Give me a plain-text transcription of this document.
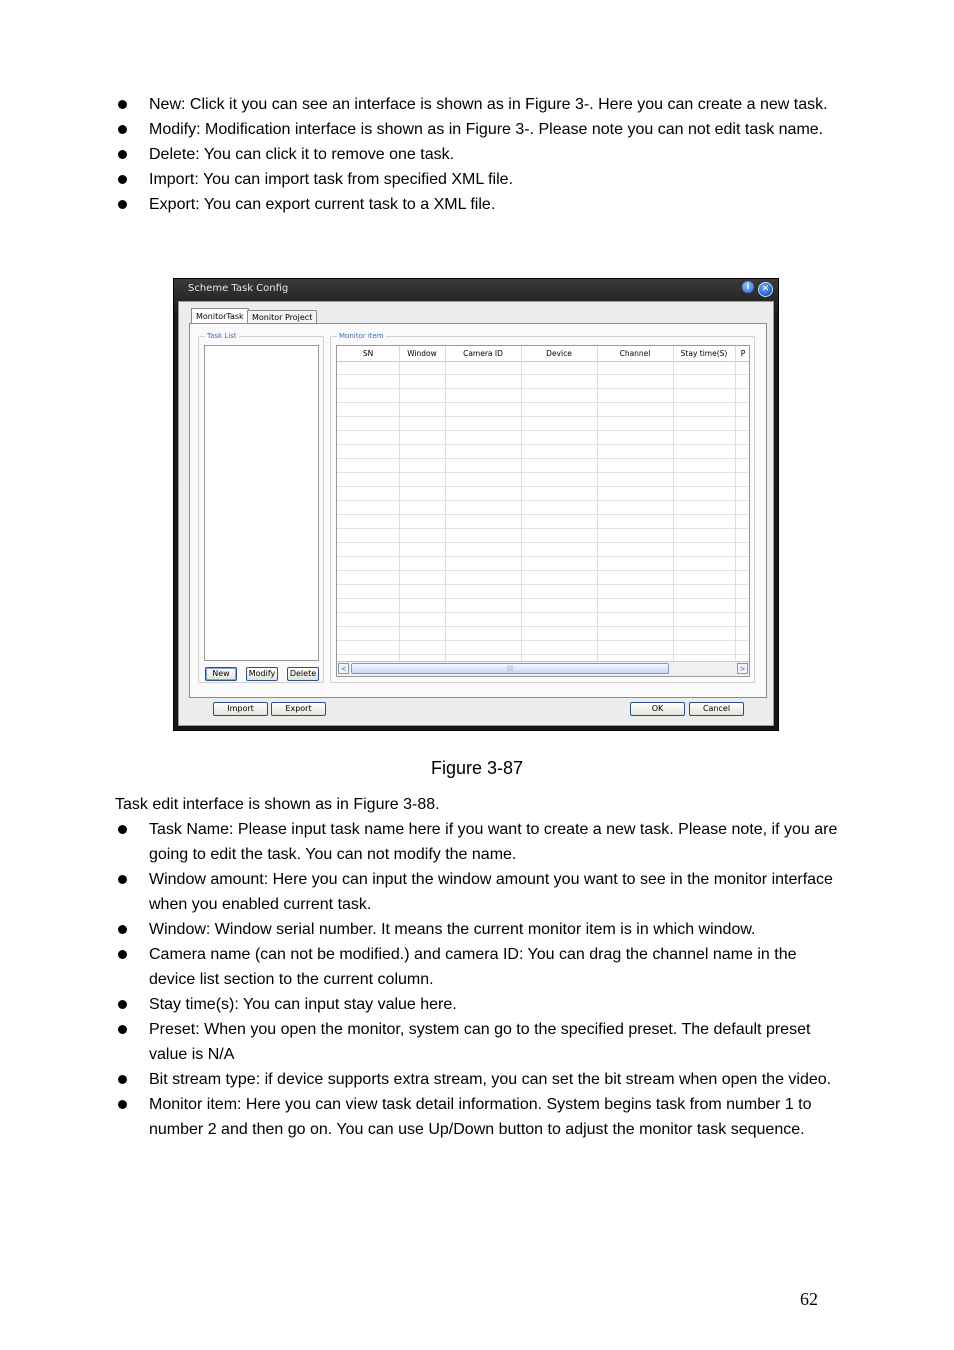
New: Click it you can see an interface is shown as in Figure 3-. Here you can create a new task.
Modify: Modification interface is shown as in Figure 3-. Please note you can not edit task name.
Delete: You can click it to remove one task.
Import: You can import task from specified XML file.
Export: You can export current task to a XML file.
Scheme Task Config	i	✕
MonitorTask	Monitor Project
Task List
New	Modify	Delete
Monitor item
SN	Window	Camera ID	Device	Channel	Stay time(S)	P
<	|||	>
Import	Export	OK	Cancel
Figure 3-87
Task edit interface is shown as in Figure 3-88.
Task Name: Please input task name here if you want to create a new task. Please note, if you are going to edit the task. You can not modify the name.
Window amount: Here you can input the window amount you want to see in the monitor interface when you enabled current task.
Window: Window serial number. It means the current monitor item is in which window.
Camera name (can not be modified.) and camera ID: You can drag the channel name in the device list section to the current column.
Stay time(s): You can input stay value here.
Preset: When you open the monitor, system can go to the specified preset. The default preset value is N/A
Bit stream type: if device supports extra stream, you can set the bit stream when open the video.
Monitor item: Here you can view task detail information. System begins task from number 1 to number 2 and then go on. You can use Up/Down button to adjust the monitor task sequence.
62
